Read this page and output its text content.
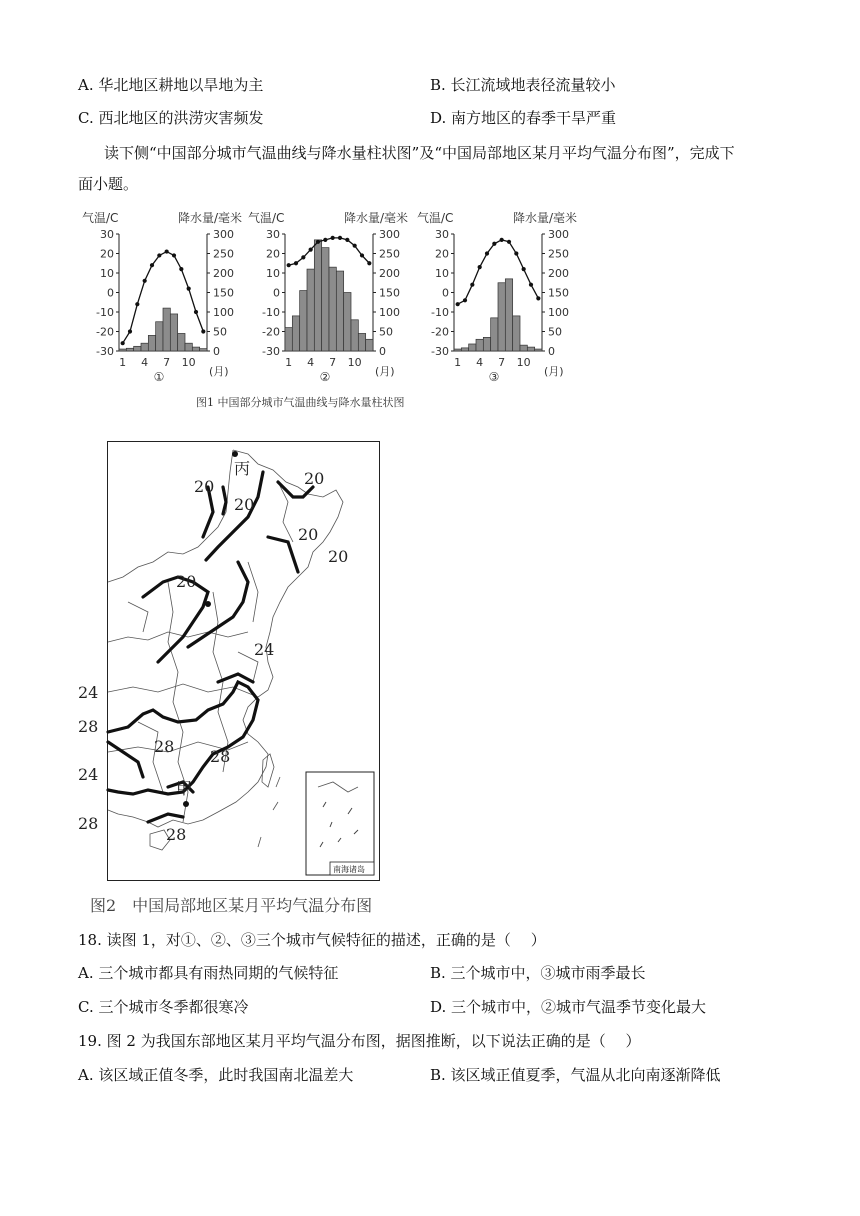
A. 华北地区耕地以旱地为主	B. 长江流域地表径流量较小
C. 西北地区的洪涝灾害频发	D. 南方地区的春季干旱严重
读下侧“中国部分城市气温曲线与降水量柱状图”及“中国局部地区某月平均气温分布图”，完成下
面小题。
气温/C	降水量/毫米
30
20
10
0
-10
-20
-30
300
250
200
150
100
50
0
1 4 7 10
(月)
①
气温/C	降水量/毫米
30
20
10
0
-10
-20
-30
300
250
200
150
100
50
0
1 4 7 10
(月)
②
气温/C	降水量/毫米
30
20
10
0
-10
-20
-30
300
250
200
150
100
50
0
1 4 7 10
(月)
③
图1 中国部分城市气温曲线与降水量柱状图
丙
甲
20	20
20
20
20
20
24
24
24
28
28
28
28
28
南海诸岛
图2　中国局部地区某月平均气温分布图
18. 读图 1，对①、②、③三个城市气候特征的描述，正确的是（　 ）
A. 三个城市都具有雨热同期的气候特征	B. 三个城市中，③城市雨季最长
C. 三个城市冬季都很寒冷	D. 三个城市中，②城市气温季节变化最大
19. 图 2 为我国东部地区某月平均气温分布图，据图推断，以下说法正确的是（　 ）
A. 该区域正值冬季，此时我国南北温差大	B. 该区域正值夏季，气温从北向南逐渐降低
